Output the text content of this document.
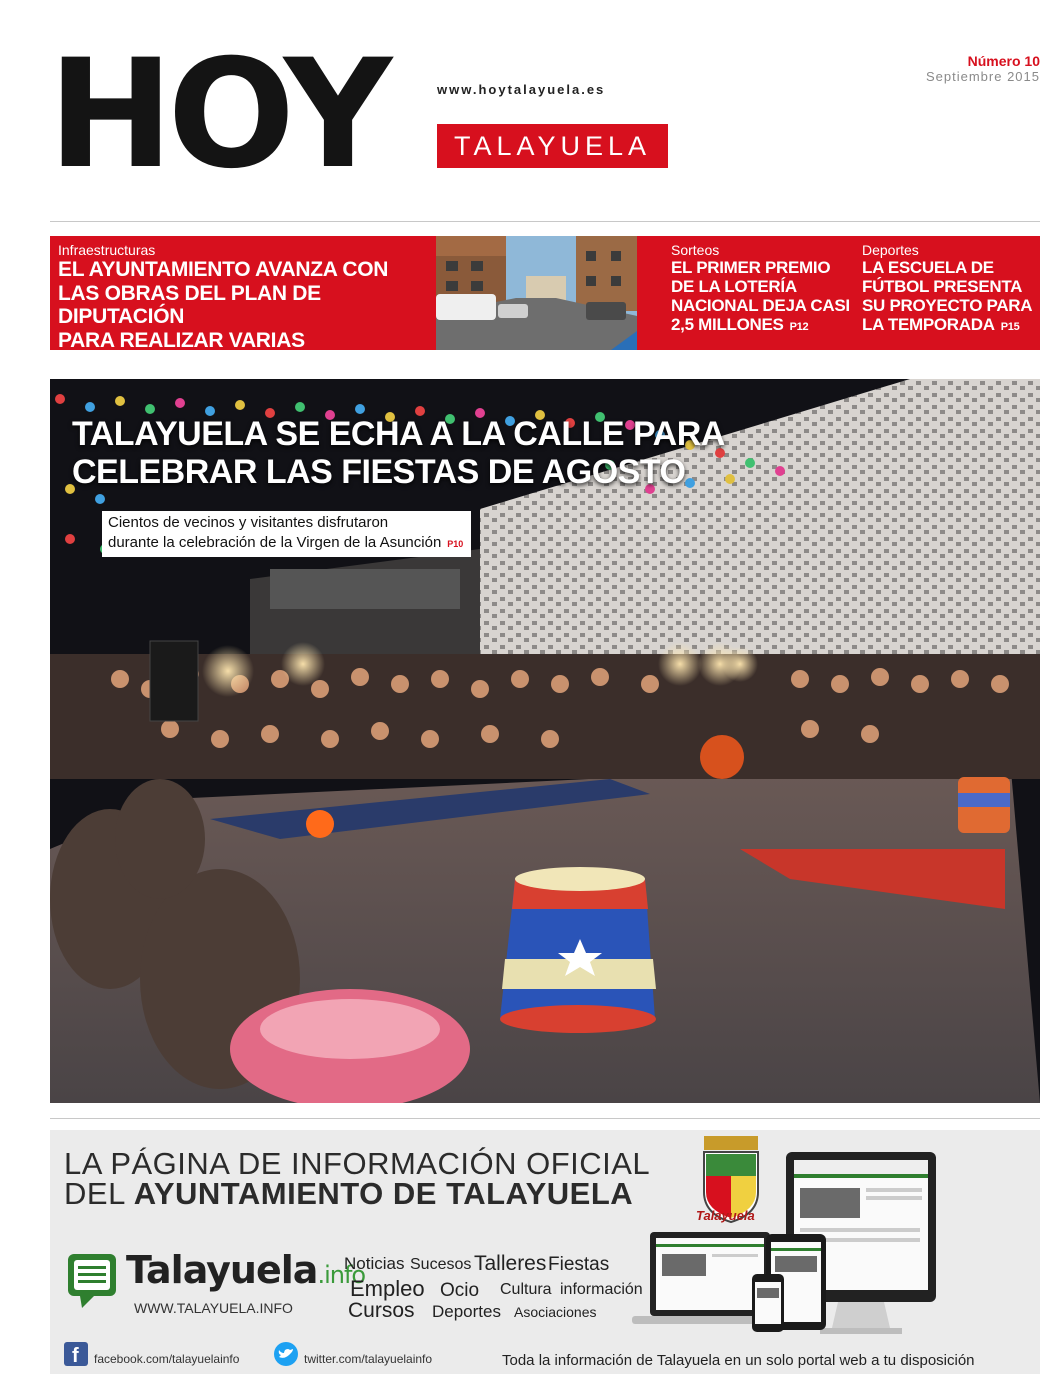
HOY	www.hoytalayuela.es
TALAYUELA
Número 10
Septiembre 2015
Infraestructuras
EL AYUNTAMIENTO AVANZA CON
LAS OBRAS DEL PLAN DE DIPUTACIÓN
PARA REALIZAR VARIAS MEJORAS P3
Sorteos
EL PRIMER PREMIO
DE LA LOTERÍA
NACIONAL DEJA CASI
2,5 MILLONES P12
Deportes
LA ESCUELA DE
FÚTBOL PRESENTA
SU PROYECTO PARA
LA TEMPORADA P15
TALAYUELA SE ECHA A LA CALLE PARA
CELEBRAR LAS FIESTAS DE AGOSTO
Cientos de vecinos y visitantes disfrutaron
durante la celebración de la Virgen de la Asunción P10
LA PÁGINA DE INFORMACIÓN OFICIAL
DEL AYUNTAMIENTO DE TALAYUELA
Talayuela
Talayuela.info
WWW.TALAYUELA.INFO
Noticias Sucesos Talleres Fiestas
Empleo Ocio Cultura información
Cursos Deportes Asociaciones
f facebook.com/talayuelainfo	twitter.com/talayuelainfo	Toda la información de Talayuela en un solo portal web a tu disposición
